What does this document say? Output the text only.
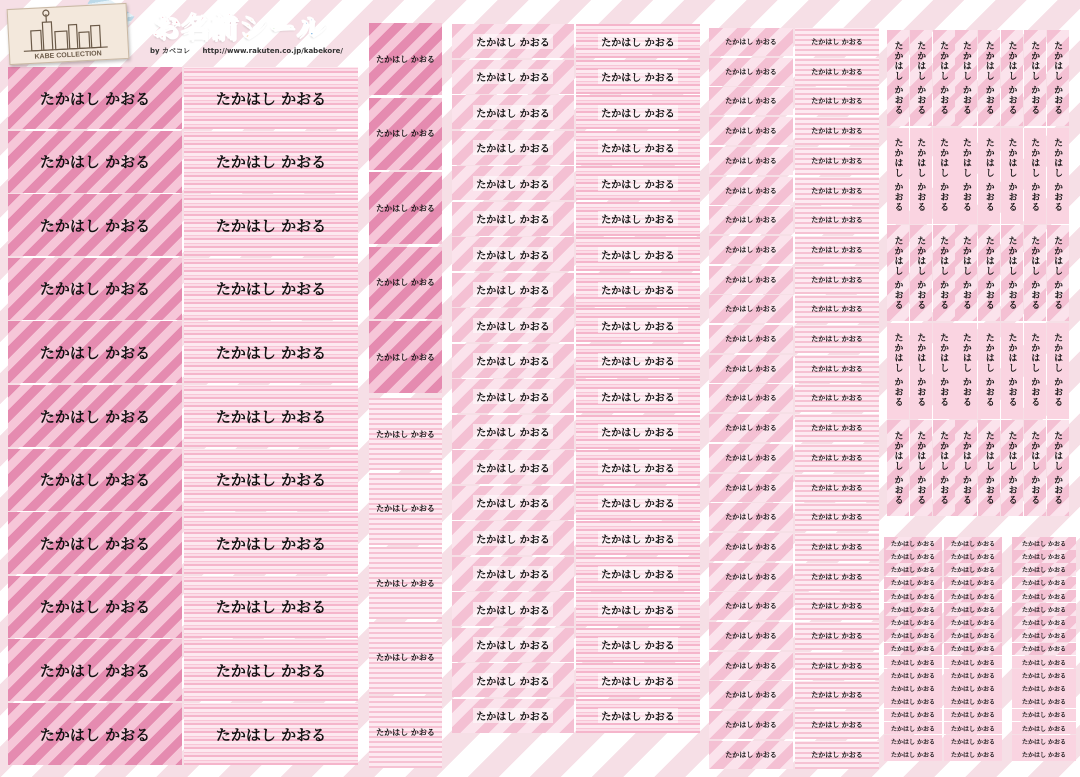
たかはし かおる	たかはし かおる
たかはし かおる	たかはし かおる
たかはし かおる	たかはし かおる
たかはし かおる	たかはし かおる
たかはし かおる	たかはし かおる
たかはし かおる	たかはし かおる
たかはし かおる	たかはし かおる
たかはし かおる	たかはし かおる
たかはし かおる	たかはし かおる
たかはし かおる	たかはし かおる
たかはし かおる	たかはし かおる
たかはし かおる
たかはし かおる
たかはし かおる
たかはし かおる
たかはし かおる
たかはし かおる
たかはし かおる
たかはし かおる
たかはし かおる
たかはし かおる
たかはし かおる	たかはし かおる
たかはし かおる	たかはし かおる
たかはし かおる	たかはし かおる
たかはし かおる	たかはし かおる
たかはし かおる	たかはし かおる
たかはし かおる	たかはし かおる
たかはし かおる	たかはし かおる
たかはし かおる	たかはし かおる
たかはし かおる	たかはし かおる
たかはし かおる	たかはし かおる
たかはし かおる	たかはし かおる
たかはし かおる	たかはし かおる
たかはし かおる	たかはし かおる
たかはし かおる	たかはし かおる
たかはし かおる	たかはし かおる
たかはし かおる	たかはし かおる
たかはし かおる	たかはし かおる
たかはし かおる	たかはし かおる
たかはし かおる	たかはし かおる
たかはし かおる	たかはし かおる
たかはし かおる	たかはし かおる
たかはし かおる	たかはし かおる
たかはし かおる	たかはし かおる
たかはし かおる	たかはし かおる
たかはし かおる	たかはし かおる
たかはし かおる	たかはし かおる
たかはし かおる	たかはし かおる
たかはし かおる	たかはし かおる
たかはし かおる	たかはし かおる
たかはし かおる	たかはし かおる
たかはし かおる	たかはし かおる
たかはし かおる	たかはし かおる
たかはし かおる	たかはし かおる
たかはし かおる	たかはし かおる
たかはし かおる	たかはし かおる
たかはし かおる	たかはし かおる
たかはし かおる	たかはし かおる
たかはし かおる	たかはし かおる
たかはし かおる	たかはし かおる
たかはし かおる	たかはし かおる
たかはし かおる	たかはし かおる
たかはし かおる	たかはし かおる
たかはし かおる	たかはし かおる
たかはし かおる	たかはし かおる
たかはし かおる	たかはし かおる
たかはし かおる たかはし かおる たかはし かおる たかはし かおる たかはし かおる たかはし かおる たかはし かおる たかはし かおる
たかはし かおる たかはし かおる たかはし かおる たかはし かおる たかはし かおる たかはし かおる たかはし かおる たかはし かおる
たかはし かおる たかはし かおる たかはし かおる たかはし かおる たかはし かおる たかはし かおる たかはし かおる たかはし かおる
たかはし かおる たかはし かおる たかはし かおる たかはし かおる たかはし かおる たかはし かおる たかはし かおる たかはし かおる
たかはし かおる たかはし かおる たかはし かおる たかはし かおる たかはし かおる たかはし かおる たかはし かおる たかはし かおる
たかはし かおる	たかはし かおる	たかはし かおる
たかはし かおる	たかはし かおる	たかはし かおる
たかはし かおる	たかはし かおる	たかはし かおる
たかはし かおる	たかはし かおる	たかはし かおる
たかはし かおる	たかはし かおる	たかはし かおる
たかはし かおる	たかはし かおる	たかはし かおる
たかはし かおる	たかはし かおる	たかはし かおる
たかはし かおる	たかはし かおる	たかはし かおる
たかはし かおる	たかはし かおる	たかはし かおる
たかはし かおる	たかはし かおる	たかはし かおる
たかはし かおる	たかはし かおる	たかはし かおる
たかはし かおる	たかはし かおる	たかはし かおる
たかはし かおる	たかはし かおる	たかはし かおる
たかはし かおる	たかはし かおる	たかはし かおる
たかはし かおる	たかはし かおる	たかはし かおる
たかはし かおる	たかはし かおる	たかはし かおる
たかはし かおる	たかはし かおる	たかはし かおる
KABE COLLECTION
お名前シール
by カベコレ http://www.rakuten.co.jp/kabekore/
